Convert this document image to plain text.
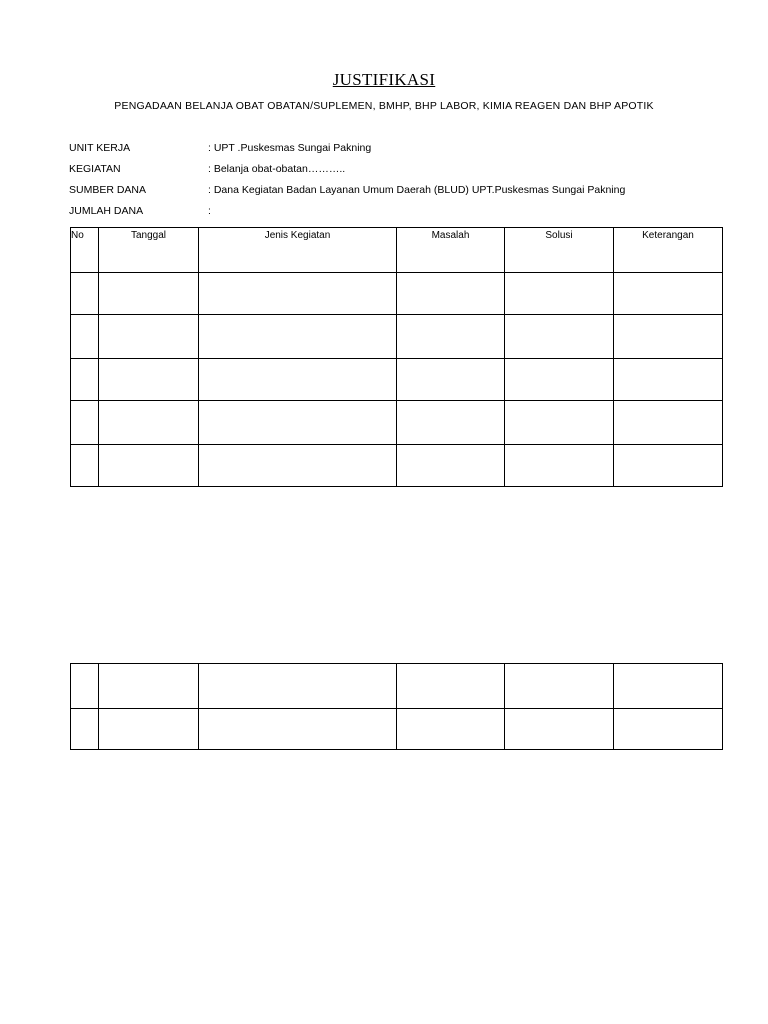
JUSTIFIKASI
PENGADAAN BELANJA OBAT OBATAN/SUPLEMEN, BMHP, BHP LABOR, KIMIA REAGEN DAN BHP APOTIK
UNIT KERJA	: UPT .Puskesmas Sungai Pakning
KEGIATAN	: Belanja obat-obatan………..
SUMBER DANA	: Dana Kegiatan Badan Layanan Umum Daerah (BLUD) UPT.Puskesmas Sungai Pakning
JUMLAH DANA	:
No	Tanggal	Jenis Kegiatan	Masalah	Solusi	Keterangan
